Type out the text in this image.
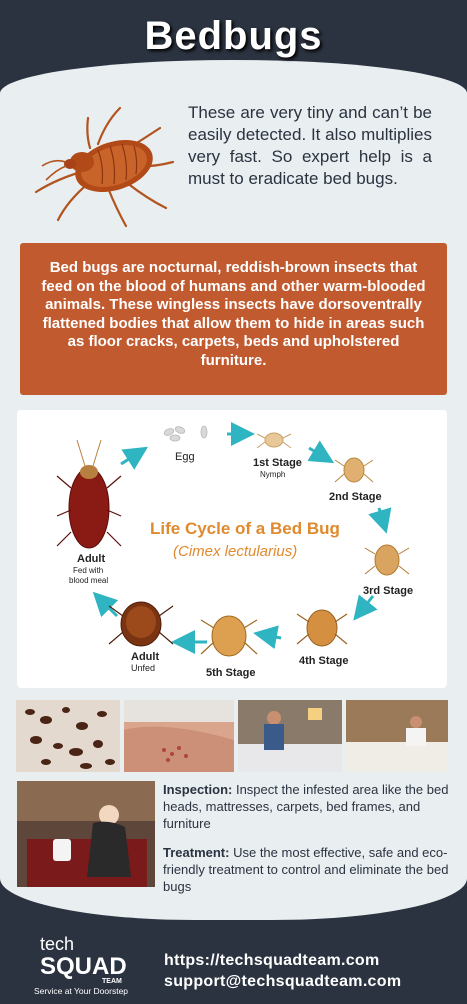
Bedbugs
These are very tiny and can’t be easily detected. It also multiplies very fast. So expert help is a must to eradicate bed bugs.
Bed bugs are nocturnal, reddish-brown insects that feed on the blood of humans and other warm-blooded animals. These wingless insects have dorsoventrally flattened bodies that allow them to hide in areas such as floor cracks, carpets, beds and upholstered furniture.
Egg	1st Stage
Nymph
2nd Stage
3rd Stage
4th Stage
5th Stage
Adult
Unfed
Adult
Fed with
blood meal
Life Cycle of a Bed Bug
(Cimex lectularius)
Inspection: Inspect the infested area like the bed heads, mattresses, carpets, bed frames, and furniture
Treatment: Use the most effective, safe and eco-friendly treatment to control and eliminate the bed bugs
tech
SQUAD
TEAM
Service at Your Doorstep
https://techsquadteam.com
support@techsquadteam.com
